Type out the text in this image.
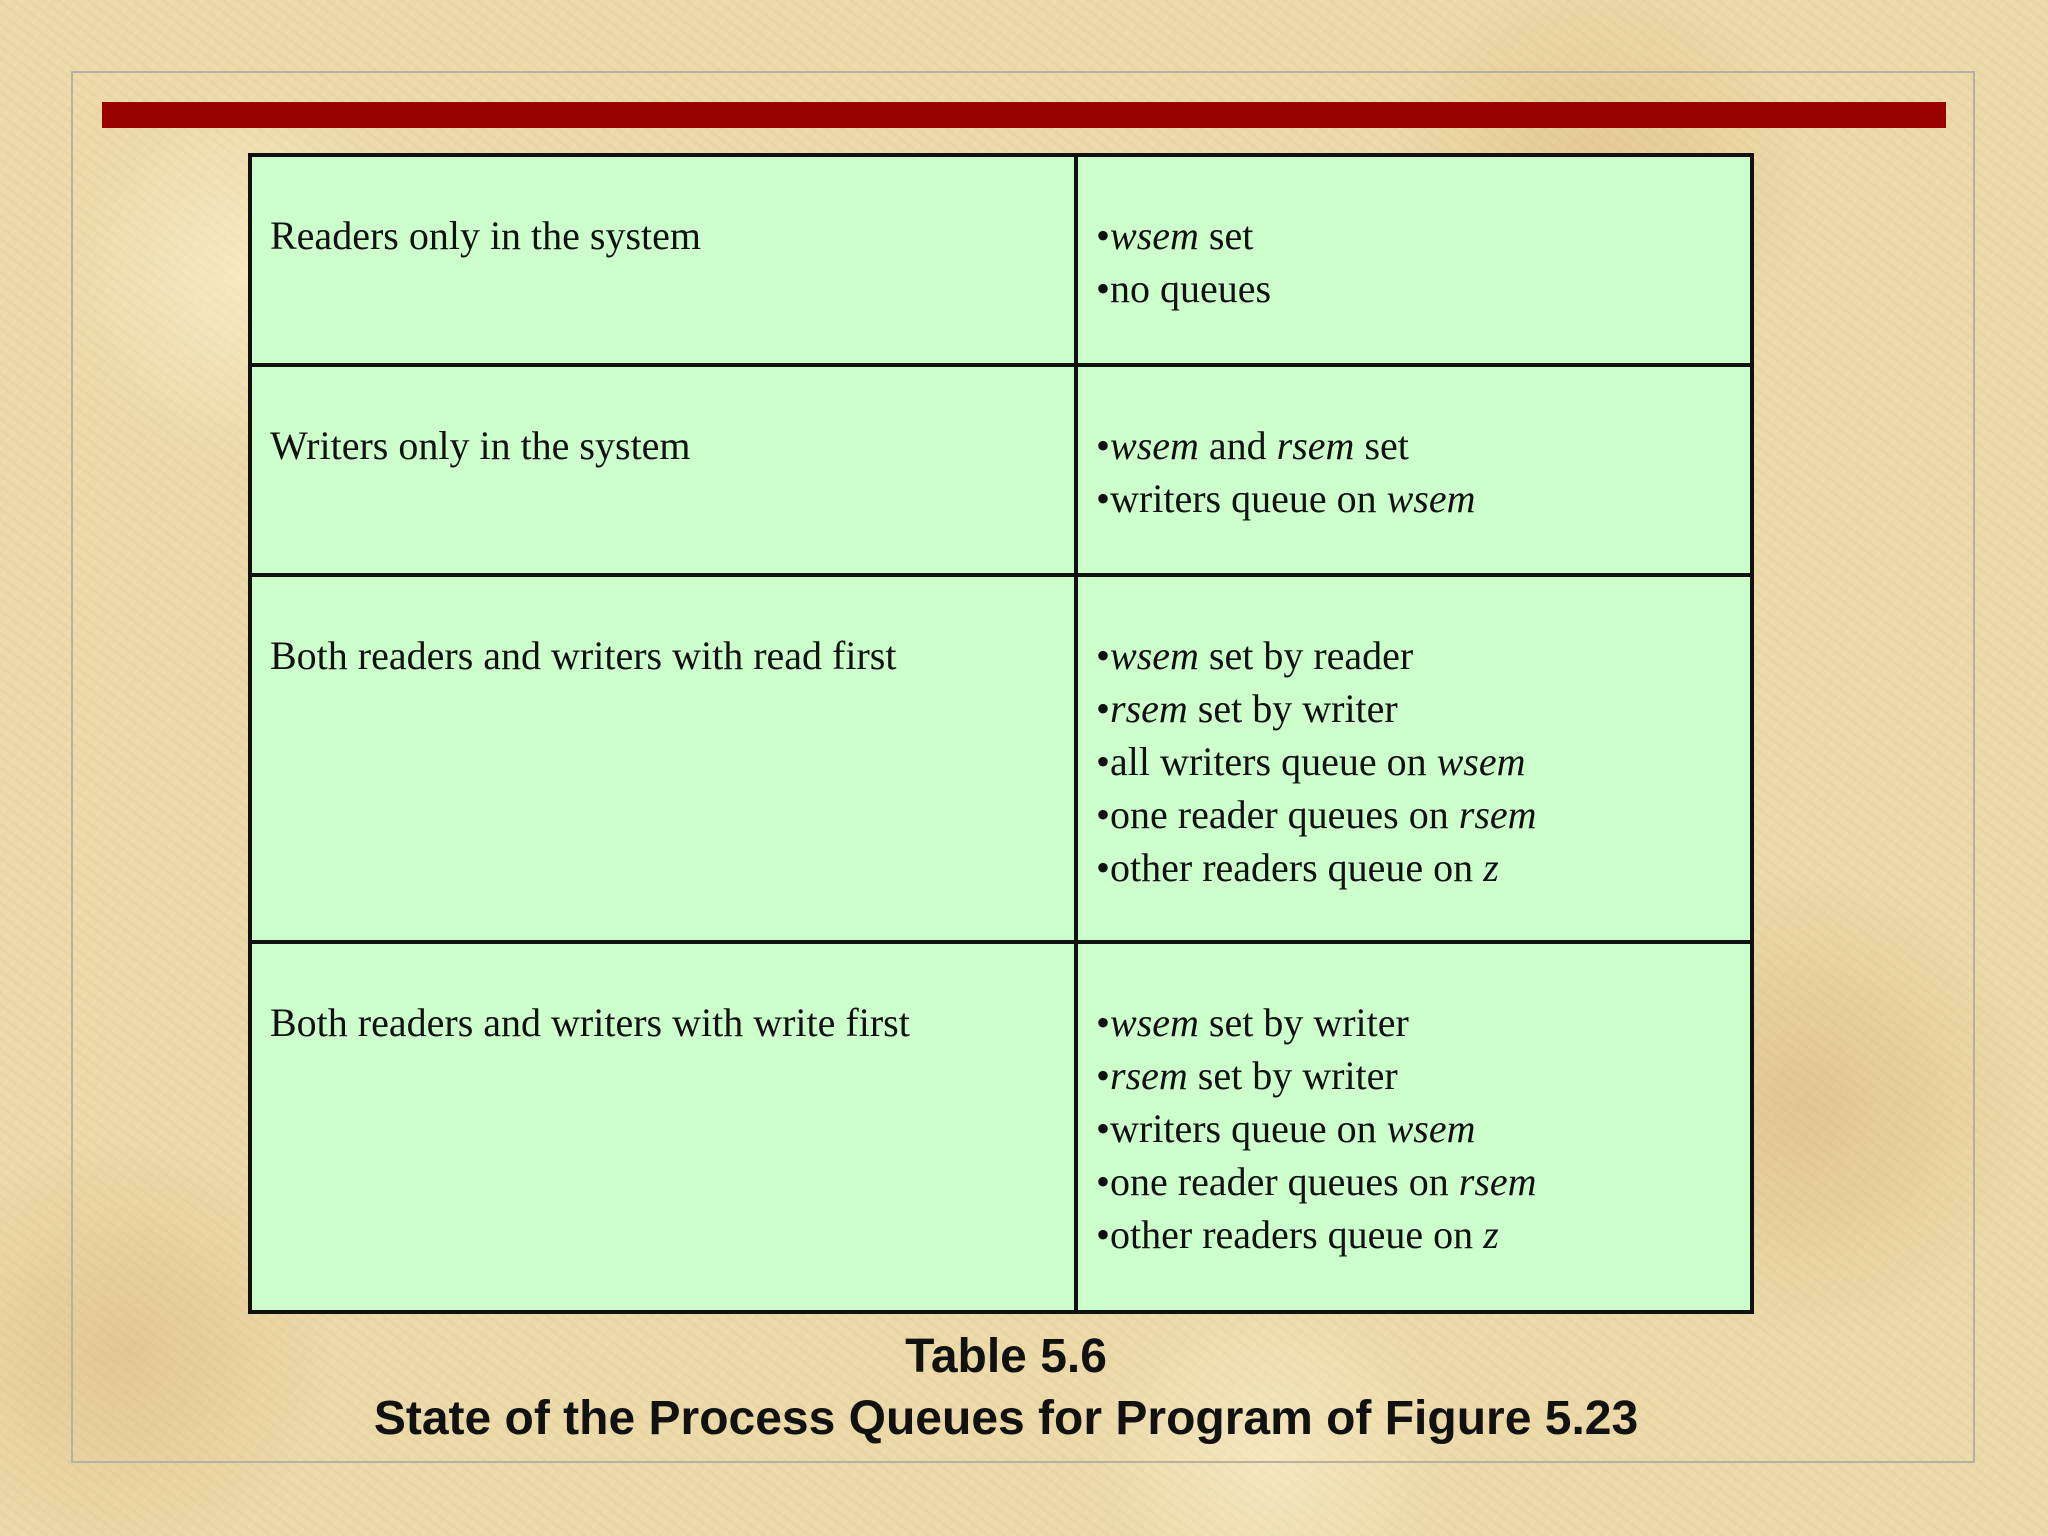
Readers only in the system	• wsem set
• no queues

Writers only in the system	• wsem and rsem set
• writers queue on wsem

Both readers and writers with read first	• wsem set by reader
• rsem set by writer
• all writers queue on wsem
• one reader queues on rsem
• other readers queue on z

Both readers and writers with write first	• wsem set by writer
• rsem set by writer
• writers queue on wsem
• one reader queues on rsem
• other readers queue on z
Table 5.6
State of the Process Queues for Program of Figure 5.23
